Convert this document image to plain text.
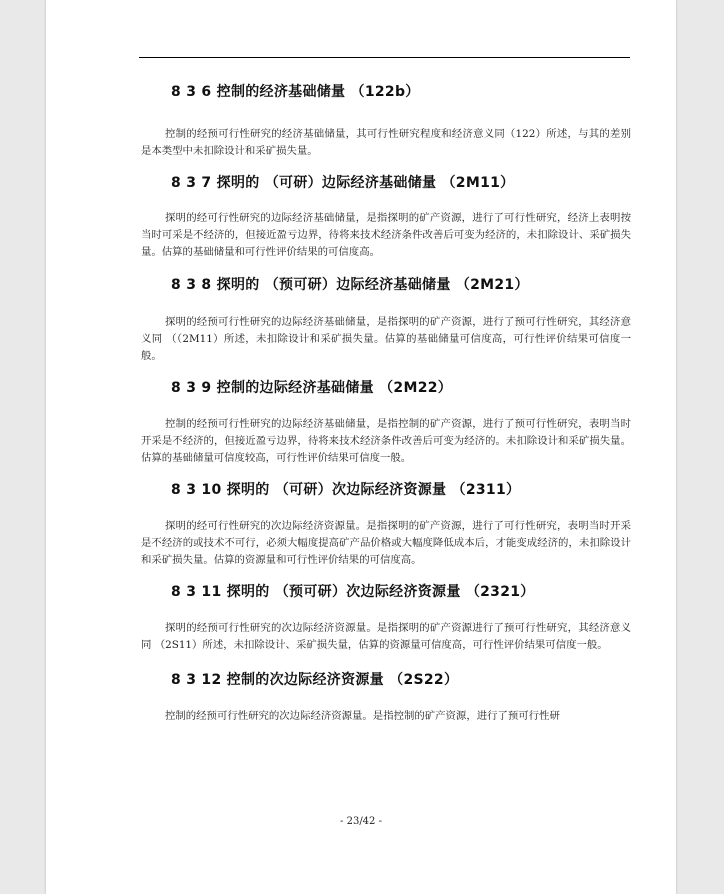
8 3 6 控制的经济基础储量 （122b）

控制的经预可行性研究的经济基础储量，其可行性研究程度和经济意义同（122）所述，与其的差别是本类型中未扣除设计和采矿损失量。

8 3 7 探明的 （可研）边际经济基础储量 （2M11）

探明的经可行性研究的边际经济基础储量，是指探明的矿产资源，进行了可行性研究，经济上表明按当时可采是不经济的，但接近盈亏边界，待将来技术经济条件改善后可变为经济的，未扣除设计、采矿损失量。估算的基础储量和可行性评价结果的可信度高。

8 3 8 探明的 （预可研）边际经济基础储量 （2M21）

探明的经预可行性研究的边际经济基础储量，是指探明的矿产资源，进行了预可行性研究，其经济意义同 （（2M11）所述，未扣除设计和采矿损失量。估算的基础储量可信度高，可行性评价结果可信度一般。

8 3 9 控制的边际经济基础储量 （2M22）

控制的经预可行性研究的边际经济基础储量，是指控制的矿产资源，进行了预可行性研究，表明当时开采是不经济的，但接近盈亏边界，待将来技术经济条件改善后可变为经济的。未扣除设计和采矿损失量。估算的基础储量可信度较高，可行性评价结果可信度一般。

8 3 10 探明的 （可研）次边际经济资源量 （2311）

探明的经可行性研究的次边际经济资源量。是指探明的矿产资源，进行了可行性研究，表明当时开采是不经济的或技术不可行，必须大幅度提高矿产品价格或大幅度降低成本后，才能变成经济的，未扣除设计和采矿损失量。估算的资源量和可行性评价结果的可信度高。

8 3 11 探明的 （预可研）次边际经济资源量 （2321）

探明的经预可行性研究的次边际经济资源量。是指探明的矿产资源进行了预可行性研究，其经济意义同 （2S11）所述，未扣除设计、采矿损失量，估算的资源量可信度高，可行性评价结果可信度一般。

8 3 12 控制的次边际经济资源量 （2S22）

控制的经预可行性研究的次边际经济资源量。是指控制的矿产资源，进行了预可行性研

- 23/42 -
